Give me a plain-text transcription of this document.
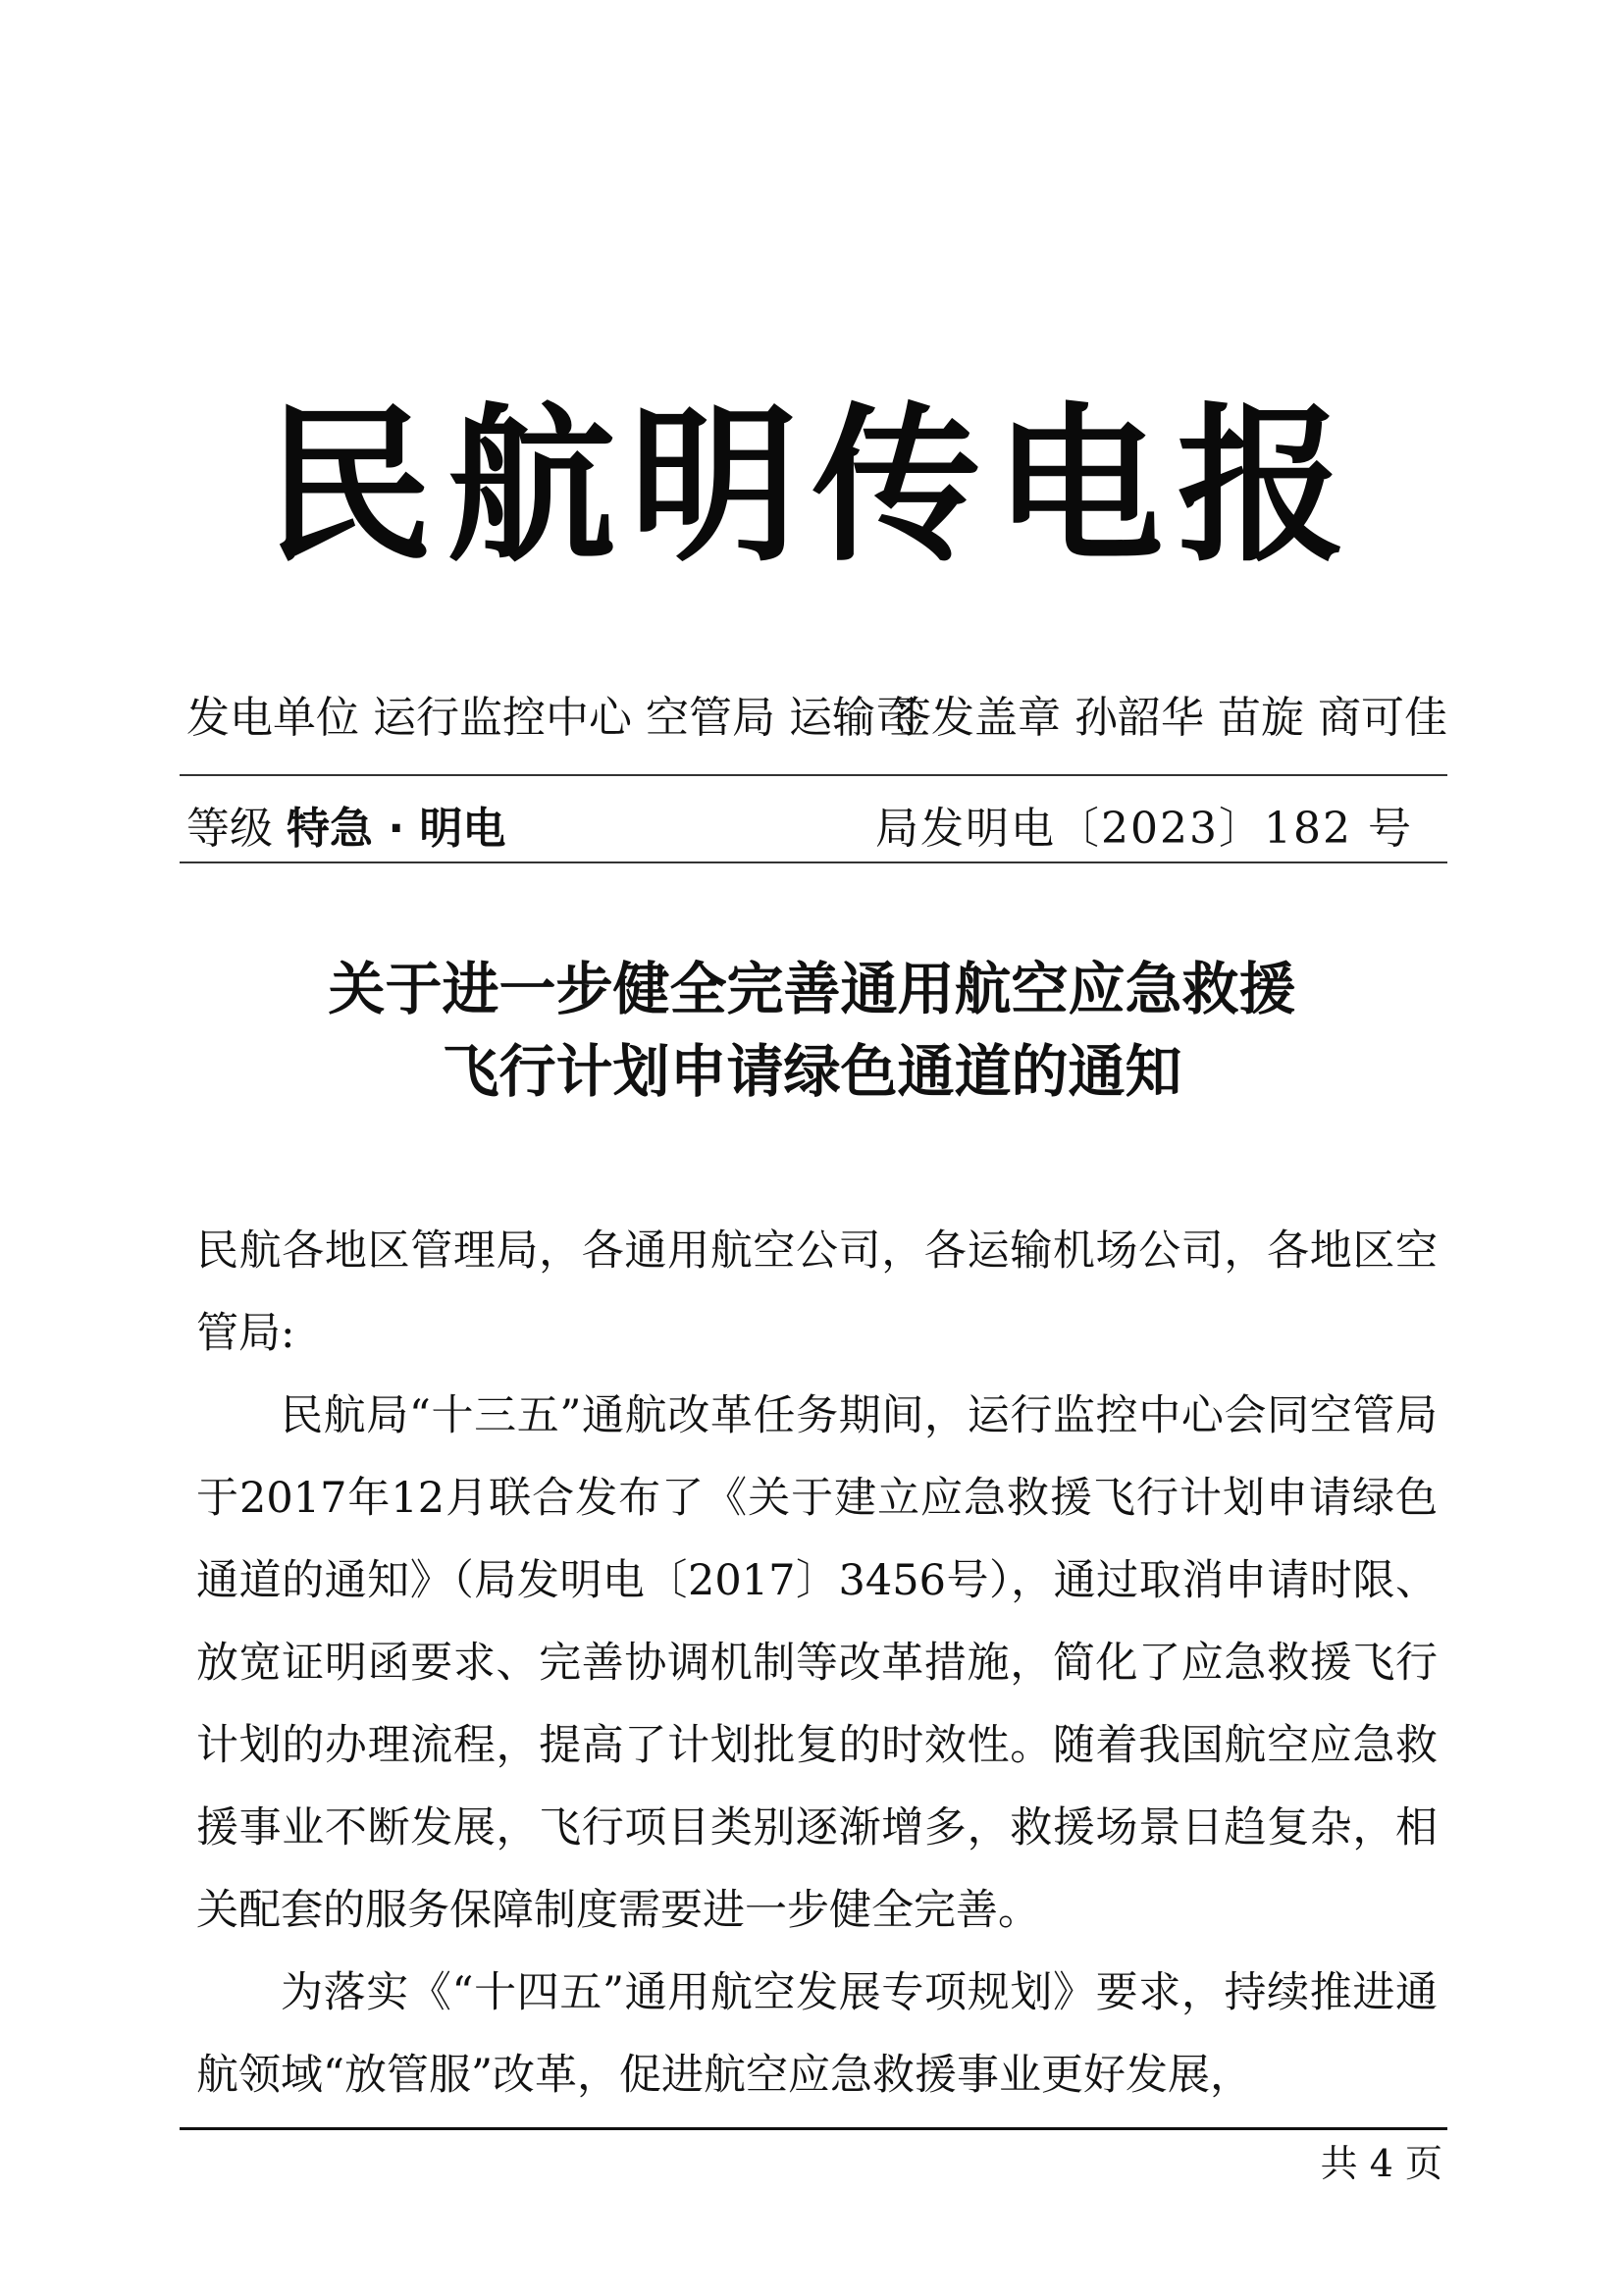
民航明传电报
发电单位 运行监控中心 空管局 运输司
签发盖章 孙韶华 苗旋 商可佳
等级 特急 · 明电	局发明电〔2023〕182 号
关于进一步健全完善通用航空应急救援
飞行计划申请绿色通道的通知

民航各地区管理局，各通用航空公司，各运输机场公司，各地区空管局:

民航局“十三五”通航改革任务期间，运行监控中心会同空管局于2017年12月联合发布了《关于建立应急救援飞行计划申请绿色通道的通知》（局发明电〔2017〕3456号），通过取消申请时限、放宽证明函要求、完善协调机制等改革措施，简化了应急救援飞行计划的办理流程，提高了计划批复的时效性。随着我国航空应急救援事业不断发展，飞行项目类别逐渐增多，救援场景日趋复杂，相关配套的服务保障制度需要进一步健全完善。

为落实《“十四五”通用航空发展专项规划》要求，持续推进通航领域“放管服”改革，促进航空应急救援事业更好发展，

共 4 页
